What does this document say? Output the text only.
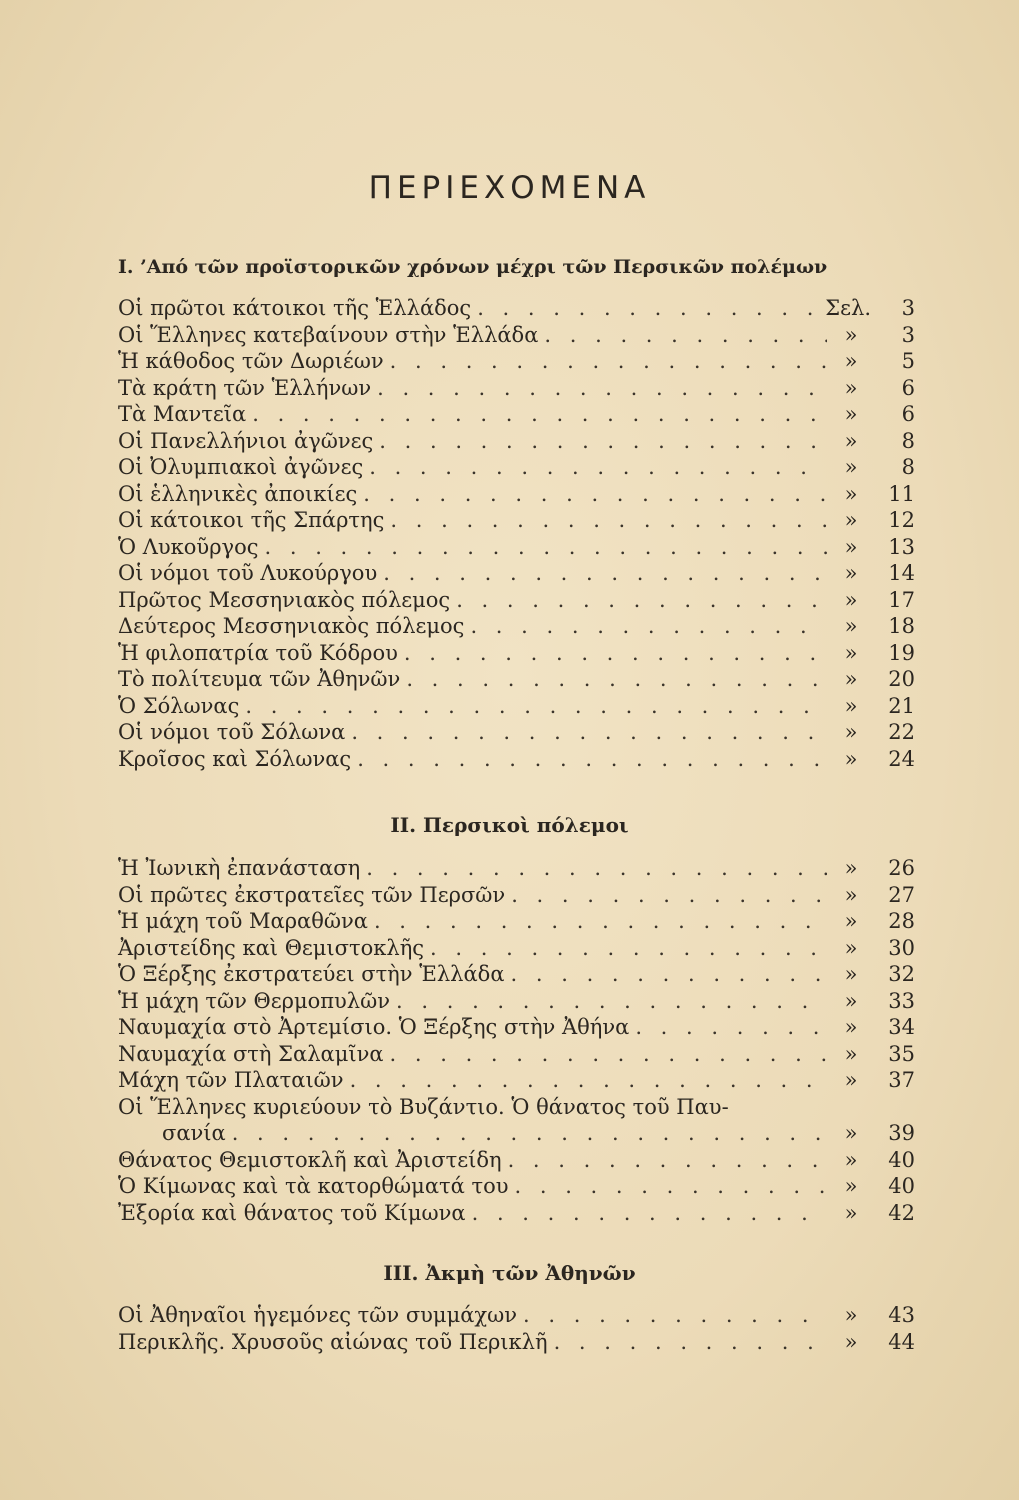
ΠΕΡΙΕΧΟΜΕΝΑ
I. ’Από τῶν προϊστορικῶν χρόνων μέχρι τῶν Περσικῶν πολέμων
Οἱ πρῶτοι κάτοικοι τῆς Ἑλλάδος . . .	Σελ.	3
Οἱ Ἕλληνες κατεβαίνουν στὴν Ἑλλάδα . . .	»	3
Ἡ κάθοδος τῶν Δωριέων . . .	»	5
Τὰ κράτη τῶν Ἑλλήνων . . .	»	6
Τὰ Μαντεῖα . . .	»	6
Οἱ Πανελλήνιοι ἀγῶνες . . .	»	8
Οἱ Ὀλυμπιακοὶ ἀγῶνες . . .	»	8
Οἱ ἑλληνικὲς ἀποικίες . . .	»	11
Οἱ κάτοικοι τῆς Σπάρτης . . .	»	12
Ὁ Λυκοῦργος . . .	»	13
Οἱ νόμοι τοῦ Λυκούργου . . .	»	14
Πρῶτος Μεσσηνιακὸς πόλεμος . . .	»	17
Δεύτερος Μεσσηνιακὸς πόλεμος . . .	»	18
Ἡ φιλοπατρία τοῦ Κόδρου . . .	»	19
Τὸ πολίτευμα τῶν Ἀθηνῶν . . .	»	20
Ὁ Σόλωνας . . .	»	21
Οἱ νόμοι τοῦ Σόλωνα . . .	»	22
Κροῖσος καὶ Σόλωνας . . .	»	24
II. Περσικοὶ πόλεμοι
Ἡ Ἰωνικὴ ἐπανάσταση . . .	»	26
Οἱ πρῶτες ἐκστρατεῖες τῶν Περσῶν . . .	»	27
Ἡ μάχη τοῦ Μαραθῶνα . . .	»	28
Ἀριστείδης καὶ Θεμιστοκλῆς . . .	»	30
Ὁ Ξέρξης ἐκστρατεύει στὴν Ἑλλάδα . . .	»	32
Ἡ μάχη τῶν Θερμοπυλῶν . . .	»	33
Ναυμαχία στὸ Ἀρτεμίσιο. Ὁ Ξέρξης στὴν Ἀθήνα . . .	»	34
Ναυμαχία στὴ Σαλαμῖνα . . .	»	35
Μάχη τῶν Πλαταιῶν . . .	»	37
Οἱ Ἕλληνες κυριεύουν τὸ Βυζάντιο. Ὁ θάνατος τοῦ Παυ-
σανία . . .	»	39
Θάνατος Θεμιστοκλῆ καὶ Ἀριστείδη . . .	»	40
Ὁ Κίμωνας καὶ τὰ κατορθώματά του . . .	»	40
Ἐξορία καὶ θάνατος τοῦ Κίμωνα . . .	»	42
III. Ἀκμὴ τῶν Ἀθηνῶν
Οἱ Ἀθηναῖοι ἡγεμόνες τῶν συμμάχων . . .	»	43
Περικλῆς. Χρυσοῦς αἰώνας τοῦ Περικλῆ . . .	»	44
